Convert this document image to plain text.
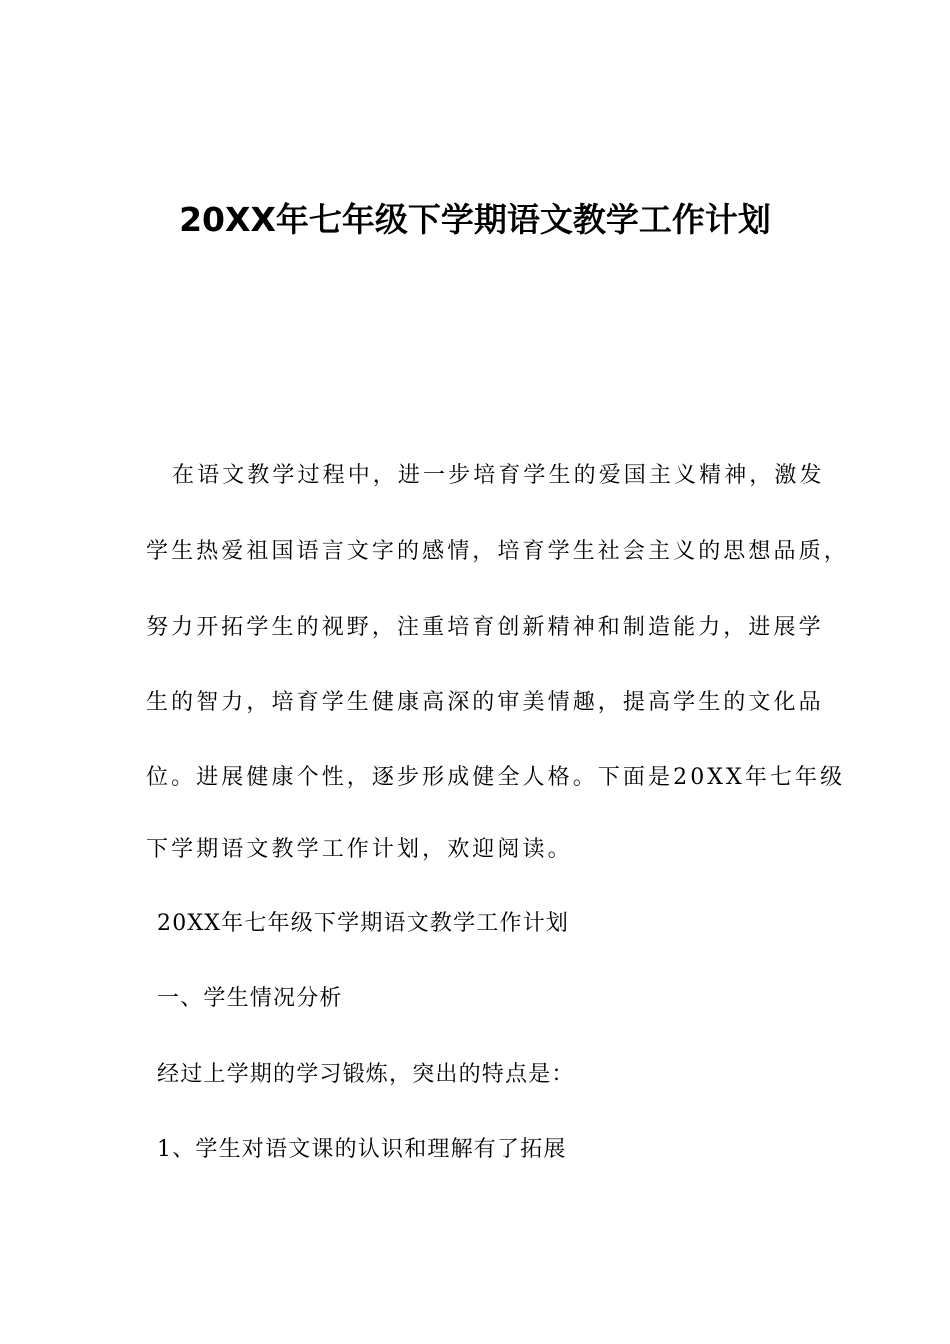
20XX年七年级下学期语文教学工作计划
在语文教学过程中，进一步培育学生的爱国主义精神，激发
学生热爱祖国语言文字的感情，培育学生社会主义的思想品质，
努力开拓学生的视野，注重培育创新精神和制造能力，进展学
生的智力，培育学生健康高深的审美情趣，提高学生的文化品
位。进展健康个性，逐步形成健全人格。下面是20XX年七年级
下学期语文教学工作计划，欢迎阅读。
20XX年七年级下学期语文教学工作计划
一、学生情况分析
经过上学期的学习锻炼，突出的特点是：
1、学生对语文课的认识和理解有了拓展
